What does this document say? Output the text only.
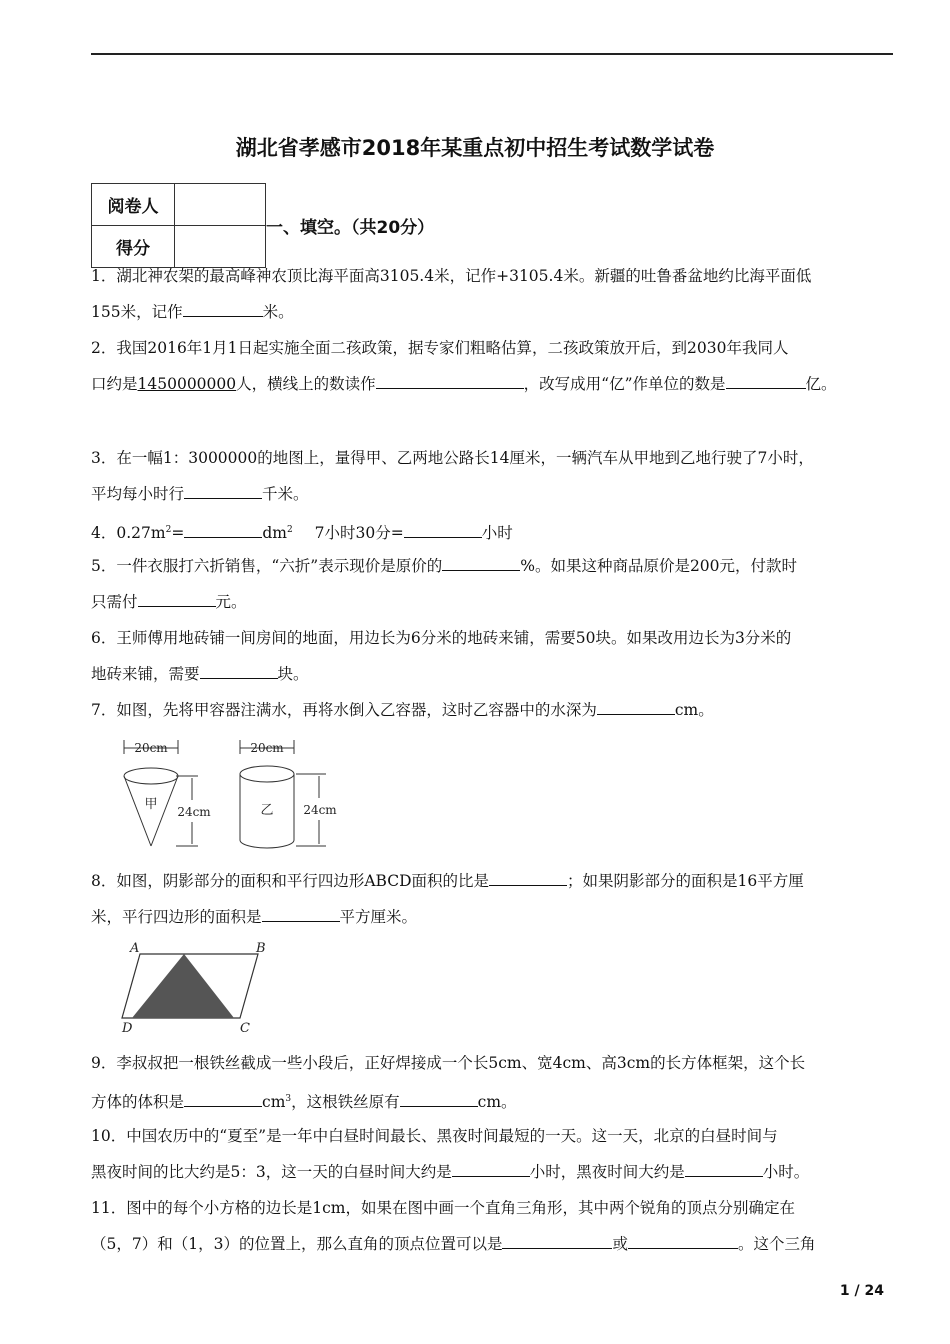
湖北省孝感市2018年某重点初中招生考试数学试卷
阅卷人	
得分	
一、填空。（共20分）
1．湖北神农架的最高峰神农顶比海平面高3105.4米，记作+3105.4米。新疆的吐鲁番盆地约比海平面低
155米，记作	米。
2．我国2016年1月1日起实施全面二孩政策，据专家们粗略估算，二孩政策放开后，到2030年我同人
口约是1450000000人，横线上的数读作	，改写成用“亿”作单位的数是	亿。
3．在一幅1：3000000的地图上，量得甲、乙两地公路长14厘米，一辆汽车从甲地到乙地行驶了7小时，
平均每小时行	千米。
4．$0.27m^2=$	$dm^2$ 7小时30分=	小时
5．一件衣服打六折销售，“六折”表示现价是原价的	%。如果这种商品原价是200元，付款时
只需付	元。
6．王师傅用地砖铺一间房间的地面，用边长为6分米的地砖来铺，需要50块。如果改用边长为3分米的
地砖来铺，需要	块。
7．如图，先将甲容器注满水，再将水倒入乙容器，这时乙容器中的水深为	cm。
20cm
甲 24cm
20cm
乙 24cm
8．如图，阴影部分的面积和平行四边形ABCD面积的比是	；如果阴影部分的面积是16平方厘
米，平行四边形的面积是	平方厘米。
A	B
C
D
9．李叔叔把一根铁丝截成一些小段后，正好焊接成一个长5cm、宽4cm、高3cm的长方体框架，这个长
方体的体积是	$cm^3$，这根铁丝原有	cm。
10．中国农历中的“夏至”是一年中白昼时间最长、黑夜时间最短的一天。这一天，北京的白昼时间与
黑夜时间的比大约是5：3，这一天的白昼时间大约是	小时，黑夜时间大约是	小时。
11．图中的每个小方格的边长是1cm，如果在图中画一个直角三角形，其中两个锐角的顶点分别确定在
（5，7）和（1，3）的位置上，那么直角的顶点位置可以是	或	。这个三角
1 / 24
